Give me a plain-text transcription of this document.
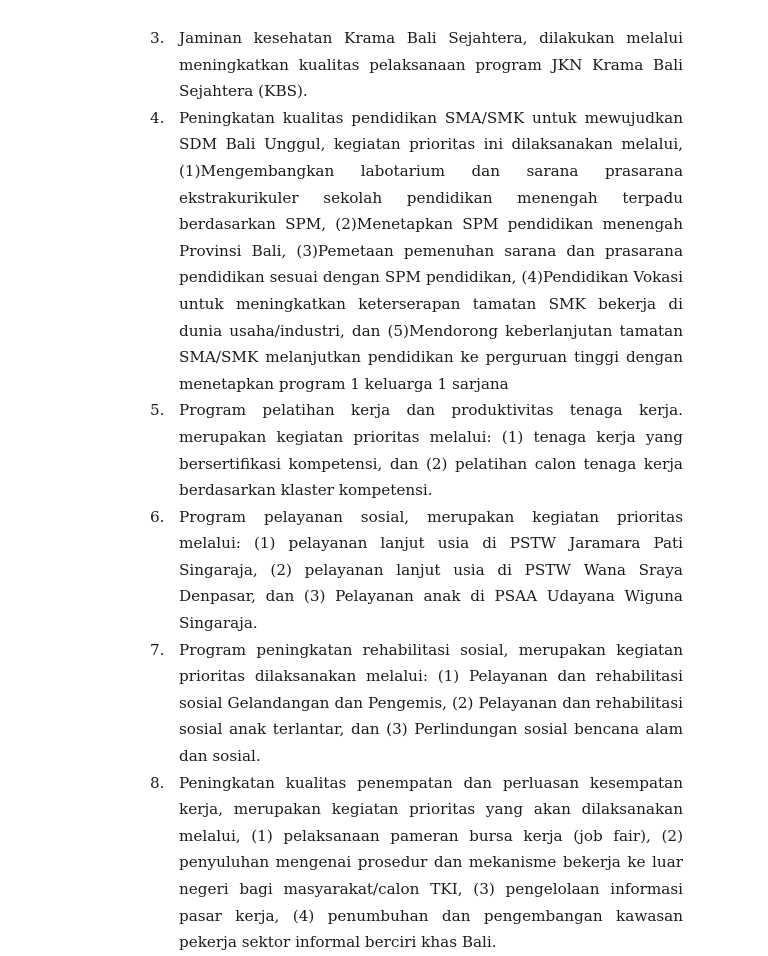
3. Jaminan kesehatan Krama Bali Sejahtera, dilakukan melalui meningkatkan kualitas pelaksanaan program JKN Krama Bali Sejahtera (KBS).
4. Peningkatan kualitas pendidikan SMA/SMK untuk mewujudkan SDM Bali Unggul, kegiatan prioritas ini dilaksanakan melalui, (1)Mengembangkan labotarium dan sarana prasarana ekstrakurikuler sekolah pendidikan menengah terpadu berdasarkan SPM, (2)Menetapkan SPM pendidikan menengah Provinsi Bali, (3)Pemetaan pemenuhan sarana dan prasarana pendidikan sesuai dengan SPM pendidikan, (4)Pendidikan Vokasi untuk meningkatkan keterserapan tamatan SMK bekerja di dunia usaha/industri, dan (5)Mendorong keberlanjutan tamatan SMA/SMK melanjutkan pendidikan ke perguruan tinggi dengan menetapkan program 1 keluarga 1 sarjana
5. Program pelatihan kerja dan produktivitas tenaga kerja. merupakan kegiatan prioritas melalui: (1) tenaga kerja yang bersertifikasi kompetensi, dan (2) pelatihan calon tenaga kerja berdasarkan klaster kompetensi.
6. Program pelayanan sosial, merupakan kegiatan prioritas melalui: (1) pelayanan lanjut usia di PSTW Jaramara Pati Singaraja, (2) pelayanan lanjut usia di PSTW Wana Sraya Denpasar, dan (3) Pelayanan anak di PSAA Udayana Wiguna Singaraja.
7. Program peningkatan rehabilitasi sosial, merupakan kegiatan prioritas dilaksanakan melalui: (1) Pelayanan dan rehabilitasi sosial Gelandangan dan Pengemis, (2) Pelayanan dan rehabilitasi sosial anak terlantar, dan (3) Perlindungan sosial bencana alam dan sosial.
8. Peningkatan kualitas penempatan dan perluasan kesempatan kerja, merupakan kegiatan prioritas yang akan dilaksanakan melalui, (1) pelaksanaan pameran bursa kerja (job fair), (2) penyuluhan mengenai prosedur dan mekanisme bekerja ke luar negeri bagi masyarakat/calon TKI, (3) pengelolaan informasi pasar kerja, (4) penumbuhan dan pengembangan kawasan pekerja sektor informal berciri khas Bali.
